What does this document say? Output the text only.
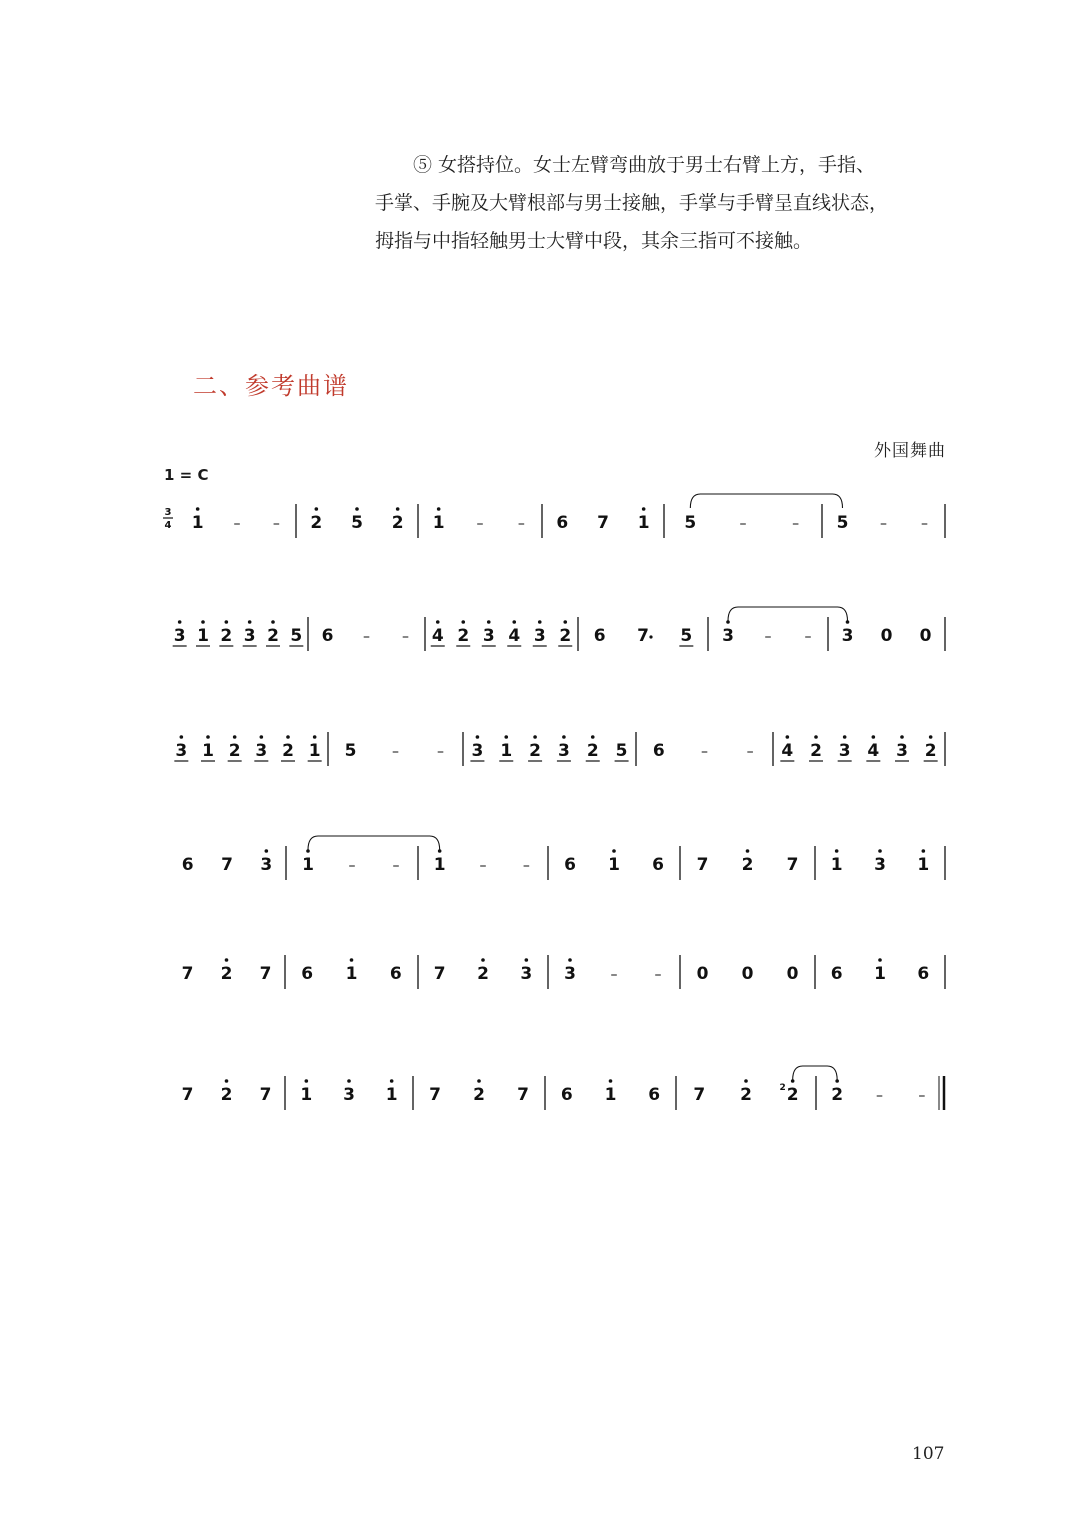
⑤ 女搭持位。女士左臂弯曲放于男士右臂上方，手指、
手掌、手腕及大臂根部与男士接触，手掌与手臂呈直线状态，
拇指与中指轻触男士大臂中段，其余三指可不接触。
二、参考曲谱
外国舞曲
1 = C
3
4 1 – – 2 5 2 1 – – 6 7 1 5	–	– 5 – –
3 1 2 3 2 5 6 – – 4 2 3 4 3 2 6 7 5 3 – – 3 0 0
3 1 2 3 2 1 5	–	– 3 1 2 3 2 5 6	–	– 4 2 3 4 3 2
6 7 3 1 –	– 1 –	– 6 1 6 7 2 7 1 3 1
7 2 7 6 1 6 7 2 3 3 –	– 0 0 0 6 1 6
7 2 7 1 3 1 7 2 7 6 1 6 7 2 2
2	2 –	–
107
